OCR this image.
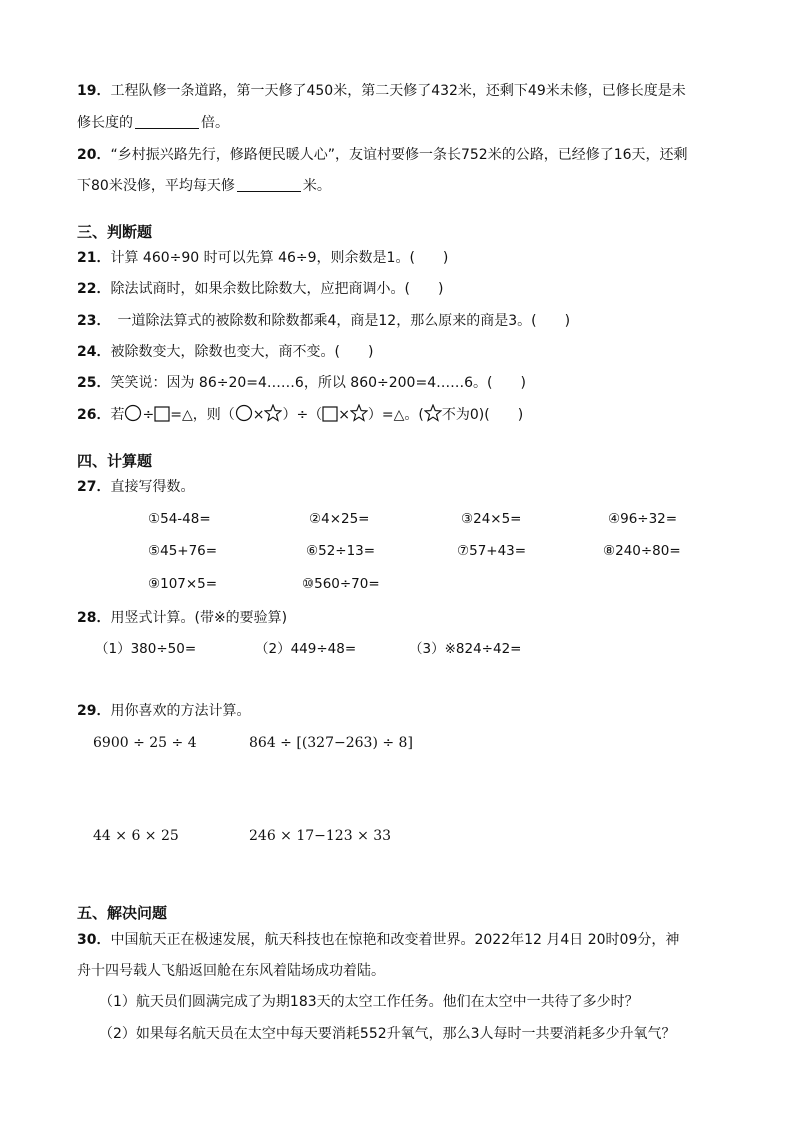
19．工程队修一条道路，第一天修了450米，第二天修了432米，还剩下49米未修，已修长度是未
修长度的	倍。
20．“乡村振兴路先行，修路便民暖人心”，友谊村要修一条长752米的公路，已经修了16天，还剩
下80米没修，平均每天修	米。
三、判断题
21．计算 460÷90 时可以先算 46÷9，则余数是1。(　　)
22．除法试商时，如果余数比除数大，应把商调小。(　　)
23．　一道除法算式的被除数和除数都乘4，商是12，那么原来的商是3。(　　)
24．被除数变大，除数也变大，商不变。(　　)
25．笑笑说：因为 86÷20=4……6，所以 860÷200=4……6。(　　)
26．若 ÷ =△，则（ × ）÷（ × ）=△。( 不为0)(　　)
四、计算题
27．直接写得数。
①54-48=	②4×25=	③24×5=	④96÷32=
⑤45+76=	⑥52÷13=	⑦57+43=	⑧240÷80=
⑨107×5=	⑩560÷70=
28．用竖式计算。(带※的要验算)
（1）380÷50=	（2）449÷48=	（3）※824÷42=
29．用你喜欢的方法计算。
6900 ÷ 25 ÷ 4	864 ÷ [(327−263) ÷ 8]
44 × 6 × 25	246 × 17−123 × 33
五、解决问题
30．中国航天正在极速发展，航天科技也在惊艳和改变着世界。2022年12 月4日 20时09分，神
舟十四号载人飞船返回舱在东风着陆场成功着陆。
（1）航天员们圆满完成了为期183天的太空工作任务。他们在太空中一共待了多少时？
（2）如果每名航天员在太空中每天要消耗552升氧气，那么3人每时一共要消耗多少升氧气？
